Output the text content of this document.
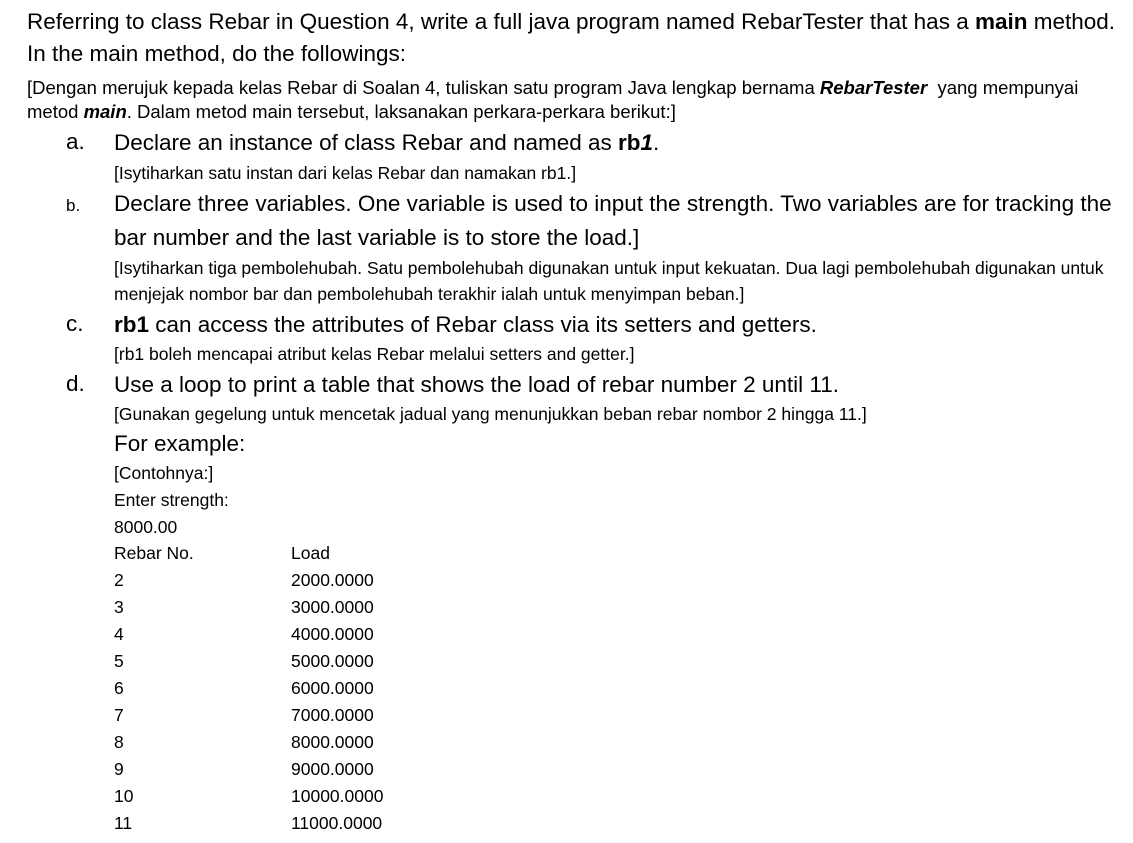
Referring to class Rebar in Question 4, write a full java program named RebarTester that has a main method. In the main method, do the followings:
[Dengan merujuk kepada kelas Rebar di Soalan 4, tuliskan satu program Java lengkap bernama RebarTester  yang mempunyai metod main. Dalam metod main tersebut, laksanakan perkara-perkara berikut:]
a. Declare an instance of class Rebar and named as rb1.
[Isytiharkan satu instan dari kelas Rebar dan namakan rb1.]
b. Declare three variables. One variable is used to input the strength. Two variables are for tracking the bar number and the last variable is to store the load.]
[Isytiharkan tiga pembolehubah. Satu pembolehubah digunakan untuk input kekuatan. Dua lagi pembolehubah digunakan untuk menjejak nombor bar dan pembolehubah terakhir ialah untuk menyimpan beban.]
c. rb1 can access the attributes of Rebar class via its setters and getters.
[rb1 boleh mencapai atribut kelas Rebar melalui setters and getter.]
d. Use a loop to print a table that shows the load of rebar number 2 until 11.
[Gunakan gegelung untuk mencetak jadual yang menunjukkan beban rebar nombor 2 hingga 11.]
For example:
[Contohnya:]
Enter strength:
8000.00
Rebar No.	Load
2	2000.0000
3	3000.0000
4	4000.0000
5	5000.0000
6	6000.0000
7	7000.0000
8	8000.0000
9	9000.0000
10	10000.0000
11	11000.0000
